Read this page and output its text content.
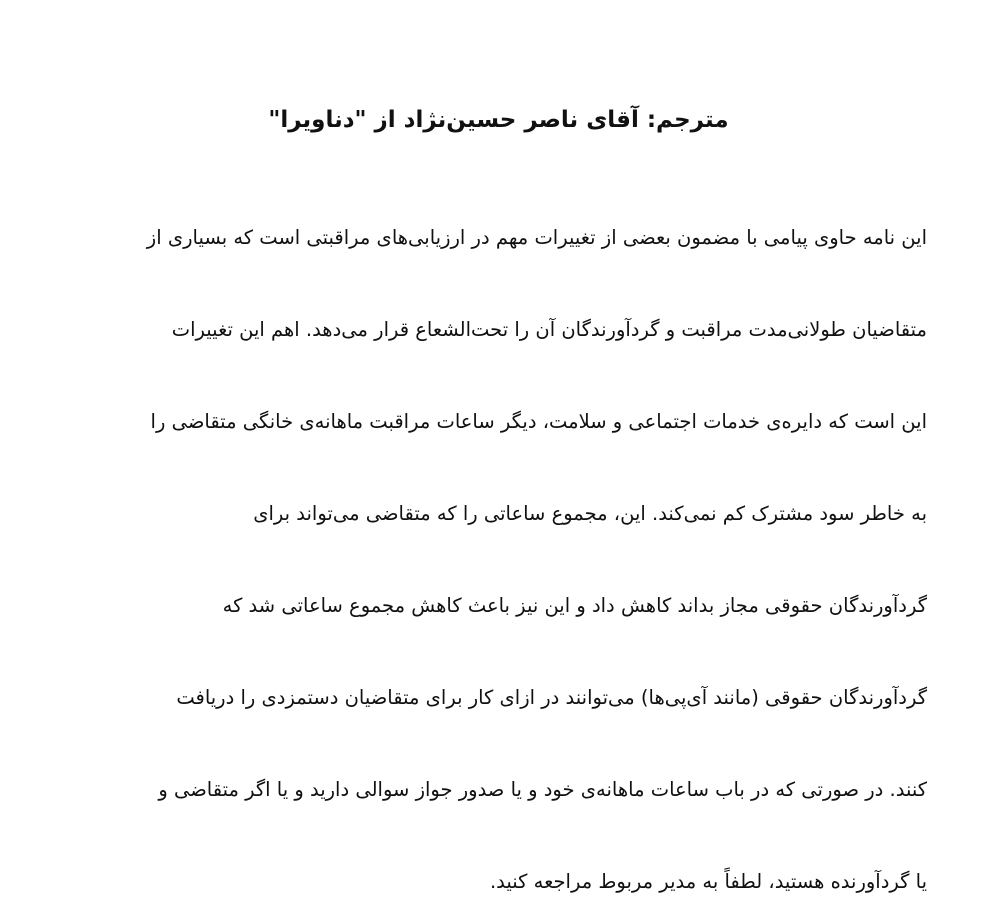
مترجم: آقای ناصر حسین‌نژاد از "دناویرا"
این نامه حاوی پیامی با مضمون بعضی از تغییرات مهم در ارزیابی‌های مراقبتی است که بسیاری از
متقاضیان طولانی‌مدت مراقبت و گردآورندگان آن را تحت‌الشعاع قرار می‌دهد. اهم این تغییرات
این است که دایره‌ی خدمات اجتماعی و سلامت، دیگر ساعات مراقبت ماهانه‌ی خانگی متقاضی را
به خاطر سود مشترک کم نمی‌کند. این، مجموع ساعاتی را که متقاضی می‌تواند برای
گردآورندگان حقوقی مجاز بداند کاهش داد و این نیز باعث کاهش مجموع ساعاتی شد که
گردآورندگان حقوقی (مانند آی‌پی‌ها) می‌توانند در ازای کار برای متقاضیان دستمزدی را دریافت
کنند. در صورتی که در باب ساعات ماهانه‌ی خود و یا صدور جواز سوالی دارید و یا اگر متقاضی و
یا گردآورنده هستید، لطفاً به مدیر مربوط مراجعه کنید.
